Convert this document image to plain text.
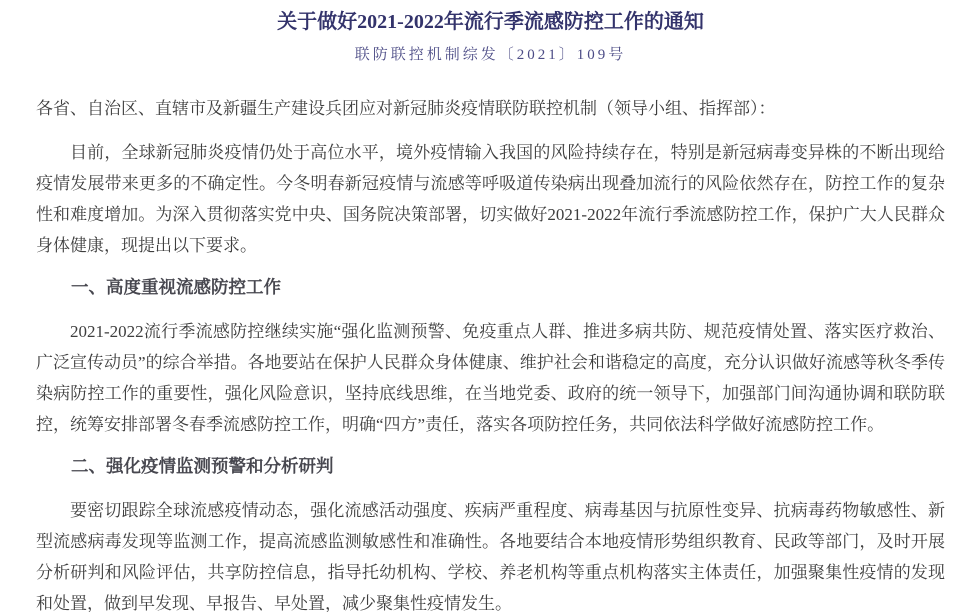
关于做好2021-2022年流行季流感防控工作的通知
联防联控机制综发〔2021〕109号

各省、自治区、直辖市及新疆生产建设兵团应对新冠肺炎疫情联防联控机制（领导小组、指挥部）：

目前，全球新冠肺炎疫情仍处于高位水平，境外疫情输入我国的风险持续存在，特别是新冠病毒变异株的不断出现给疫情发展带来更多的不确定性。今冬明春新冠疫情与流感等呼吸道传染病出现叠加流行的风险依然存在，防控工作的复杂性和难度增加。为深入贯彻落实党中央、国务院决策部署，切实做好2021-2022年流行季流感防控工作，保护广大人民群众身体健康，现提出以下要求。

一、高度重视流感防控工作

2021-2022流行季流感防控继续实施“强化监测预警、免疫重点人群、推进多病共防、规范疫情处置、落实医疗救治、广泛宣传动员”的综合举措。各地要站在保护人民群众身体健康、维护社会和谐稳定的高度，充分认识做好流感等秋冬季传染病防控工作的重要性，强化风险意识，坚持底线思维，在当地党委、政府的统一领导下，加强部门间沟通协调和联防联控，统筹安排部署冬春季流感防控工作，明确“四方”责任，落实各项防控任务，共同依法科学做好流感防控工作。

二、强化疫情监测预警和分析研判

要密切跟踪全球流感疫情动态，强化流感活动强度、疾病严重程度、病毒基因与抗原性变异、抗病毒药物敏感性、新型流感病毒发现等监测工作，提高流感监测敏感性和准确性。各地要结合本地疫情形势组织教育、民政等部门，及时开展分析研判和风险评估，共享防控信息，指导托幼机构、学校、养老机构等重点机构落实主体责任，加强聚集性疫情的发现和处置，做到早发现、早报告、早处置，减少聚集性疫情发生。
